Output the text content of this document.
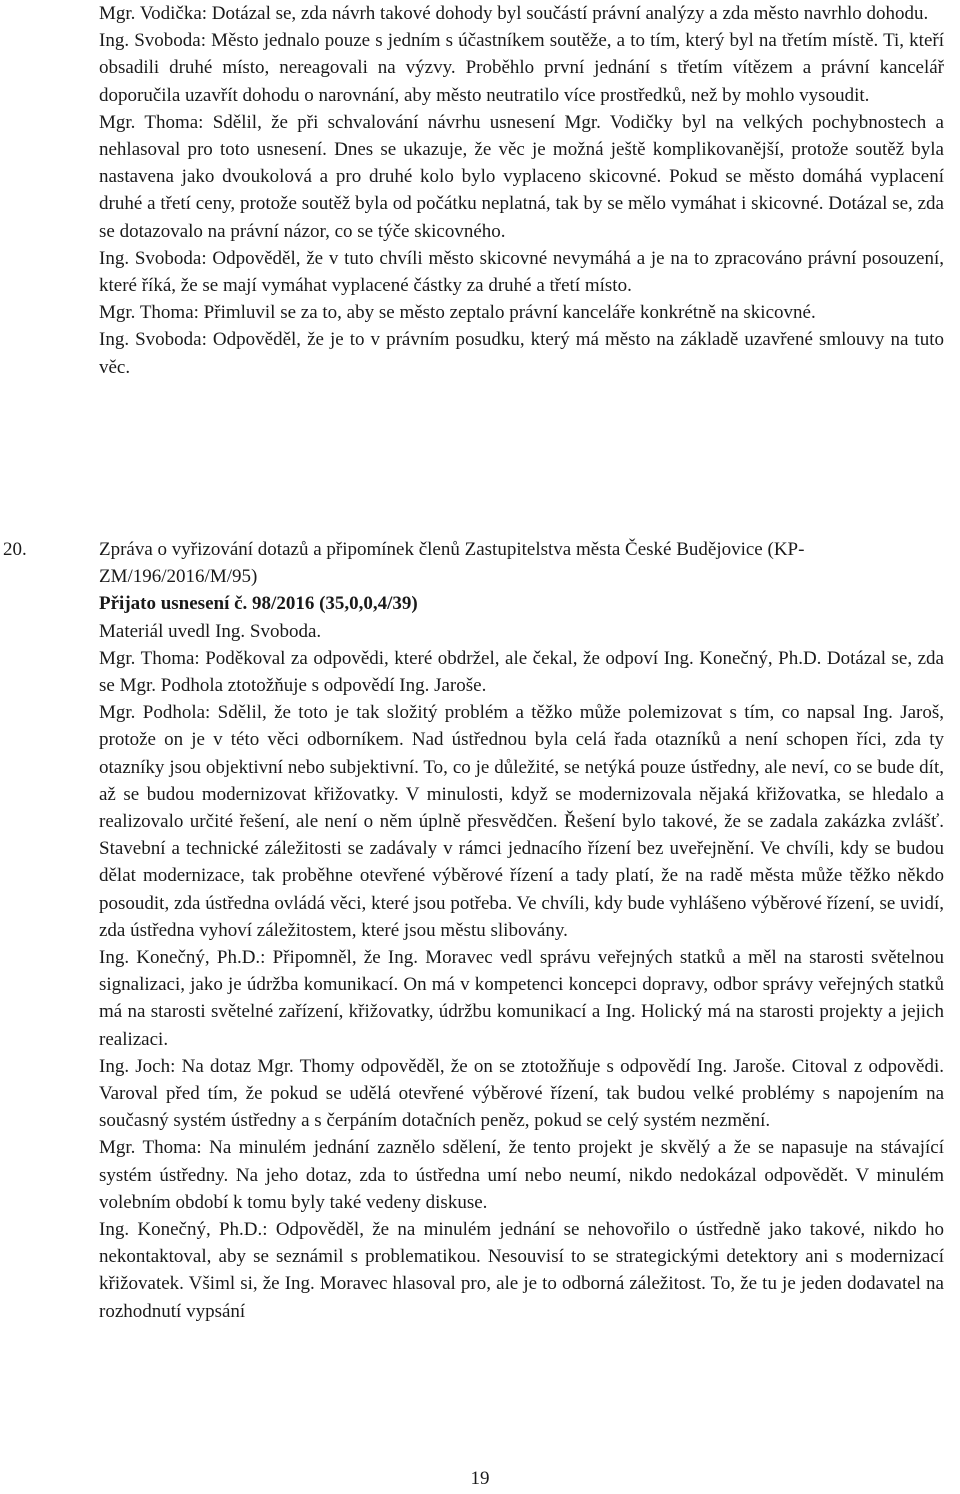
Mgr. Vodička: Dotázal se, zda návrh takové dohody byl součástí právní analýzy a zda město navrhlo dohodu.

Ing. Svoboda: Město jednalo pouze s jedním s účastníkem soutěže, a to tím, který byl na třetím místě. Ti, kteří obsadili druhé místo, nereagovali na výzvy. Proběhlo první jednání s třetím vítězem a právní kancelář doporučila uzavřít dohodu o narovnání, aby město neutratilo více prostředků, než by mohlo vysoudit.

Mgr. Thoma: Sdělil, že při schvalování návrhu usnesení Mgr. Vodičky byl na velkých pochybnostech a nehlasoval pro toto usnesení. Dnes se ukazuje, že věc je možná ještě komplikovanější, protože soutěž byla nastavena jako dvoukolová a pro druhé kolo bylo vyplaceno skicovné. Pokud se město domáhá vyplacení druhé a třetí ceny, protože soutěž byla od počátku neplatná, tak by se mělo vymáhat i skicovné. Dotázal se, zda se dotazovalo na právní názor, co se týče skicovného.

Ing. Svoboda: Odpověděl, že v tuto chvíli město skicovné nevymáhá a je na to zpracováno právní posouzení, které říká, že se mají vymáhat vyplacené částky za druhé a třetí místo.

Mgr. Thoma: Přimluvil se za to, aby se město zeptalo právní kanceláře konkrétně na skicovné.

Ing. Svoboda: Odpověděl, že je to v právním posudku, který má město na základě uzavřené smlouvy na tuto věc.

20.	Zpráva o vyřizování dotazů a připomínek členů Zastupitelstva města České Budějovice (KP-ZM/196/2016/M/95)

Přijato usnesení č. 98/2016 (35,0,0,4/39)

Materiál uvedl Ing. Svoboda.

Mgr. Thoma: Poděkoval za odpovědi, které obdržel, ale čekal, že odpoví Ing. Konečný, Ph.D. Dotázal se, zda se Mgr. Podhola ztotožňuje s odpovědí Ing. Jaroše.

Mgr. Podhola: Sdělil, že toto je tak složitý problém a těžko může polemizovat s tím, co napsal Ing. Jaroš, protože on je v této věci odborníkem. Nad ústřednou byla celá řada otazníků a není schopen říci, zda ty otazníky jsou objektivní nebo subjektivní. To, co je důležité, se netýká pouze ústředny, ale neví, co se bude dít, až se budou modernizovat křižovatky. V minulosti, když se modernizovala nějaká křižovatka, se hledalo a realizovalo určité řešení, ale není o něm úplně přesvědčen. Řešení bylo takové, že se zadala zakázka zvlášť. Stavební a technické záležitosti se zadávaly v rámci jednacího řízení bez uveřejnění. Ve chvíli, kdy se budou dělat modernizace, tak proběhne otevřené výběrové řízení a tady platí, že na radě města může těžko někdo posoudit, zda ústředna ovládá věci, které jsou potřeba. Ve chvíli, kdy bude vyhlášeno výběrové řízení, se uvidí, zda ústředna vyhoví záležitostem, které jsou městu slibovány.

Ing. Konečný, Ph.D.: Připomněl, že Ing. Moravec vedl správu veřejných statků a měl na starosti světelnou signalizaci, jako je údržba komunikací. On má v kompetenci koncepci dopravy, odbor správy veřejných statků má na starosti světelné zařízení, křižovatky, údržbu komunikací a Ing. Holický má na starosti projekty a jejich realizaci.

Ing. Joch: Na dotaz Mgr. Thomy odpověděl, že on se ztotožňuje s odpovědí Ing. Jaroše. Citoval z odpovědi. Varoval před tím, že pokud se udělá otevřené výběrové řízení, tak budou velké problémy s napojením na současný systém ústředny a s čerpáním dotačních peněz, pokud se celý systém nezmění.

Mgr. Thoma: Na minulém jednání zaznělo sdělení, že tento projekt je skvělý a že se napasuje na stávající systém ústředny. Na jeho dotaz, zda to ústředna umí nebo neumí, nikdo nedokázal odpovědět. V minulém volebním období k tomu byly také vedeny diskuse.

Ing. Konečný, Ph.D.: Odpověděl, že na minulém jednání se nehovořilo o ústředně jako takové, nikdo ho nekontaktoval, aby se seznámil s problematikou. Nesouvisí to se strategickými detektory ani s modernizací křižovatek. Všiml si, že Ing. Moravec hlasoval pro, ale je to odborná záležitost. To, že tu je jeden dodavatel na rozhodnutí vypsání

19
